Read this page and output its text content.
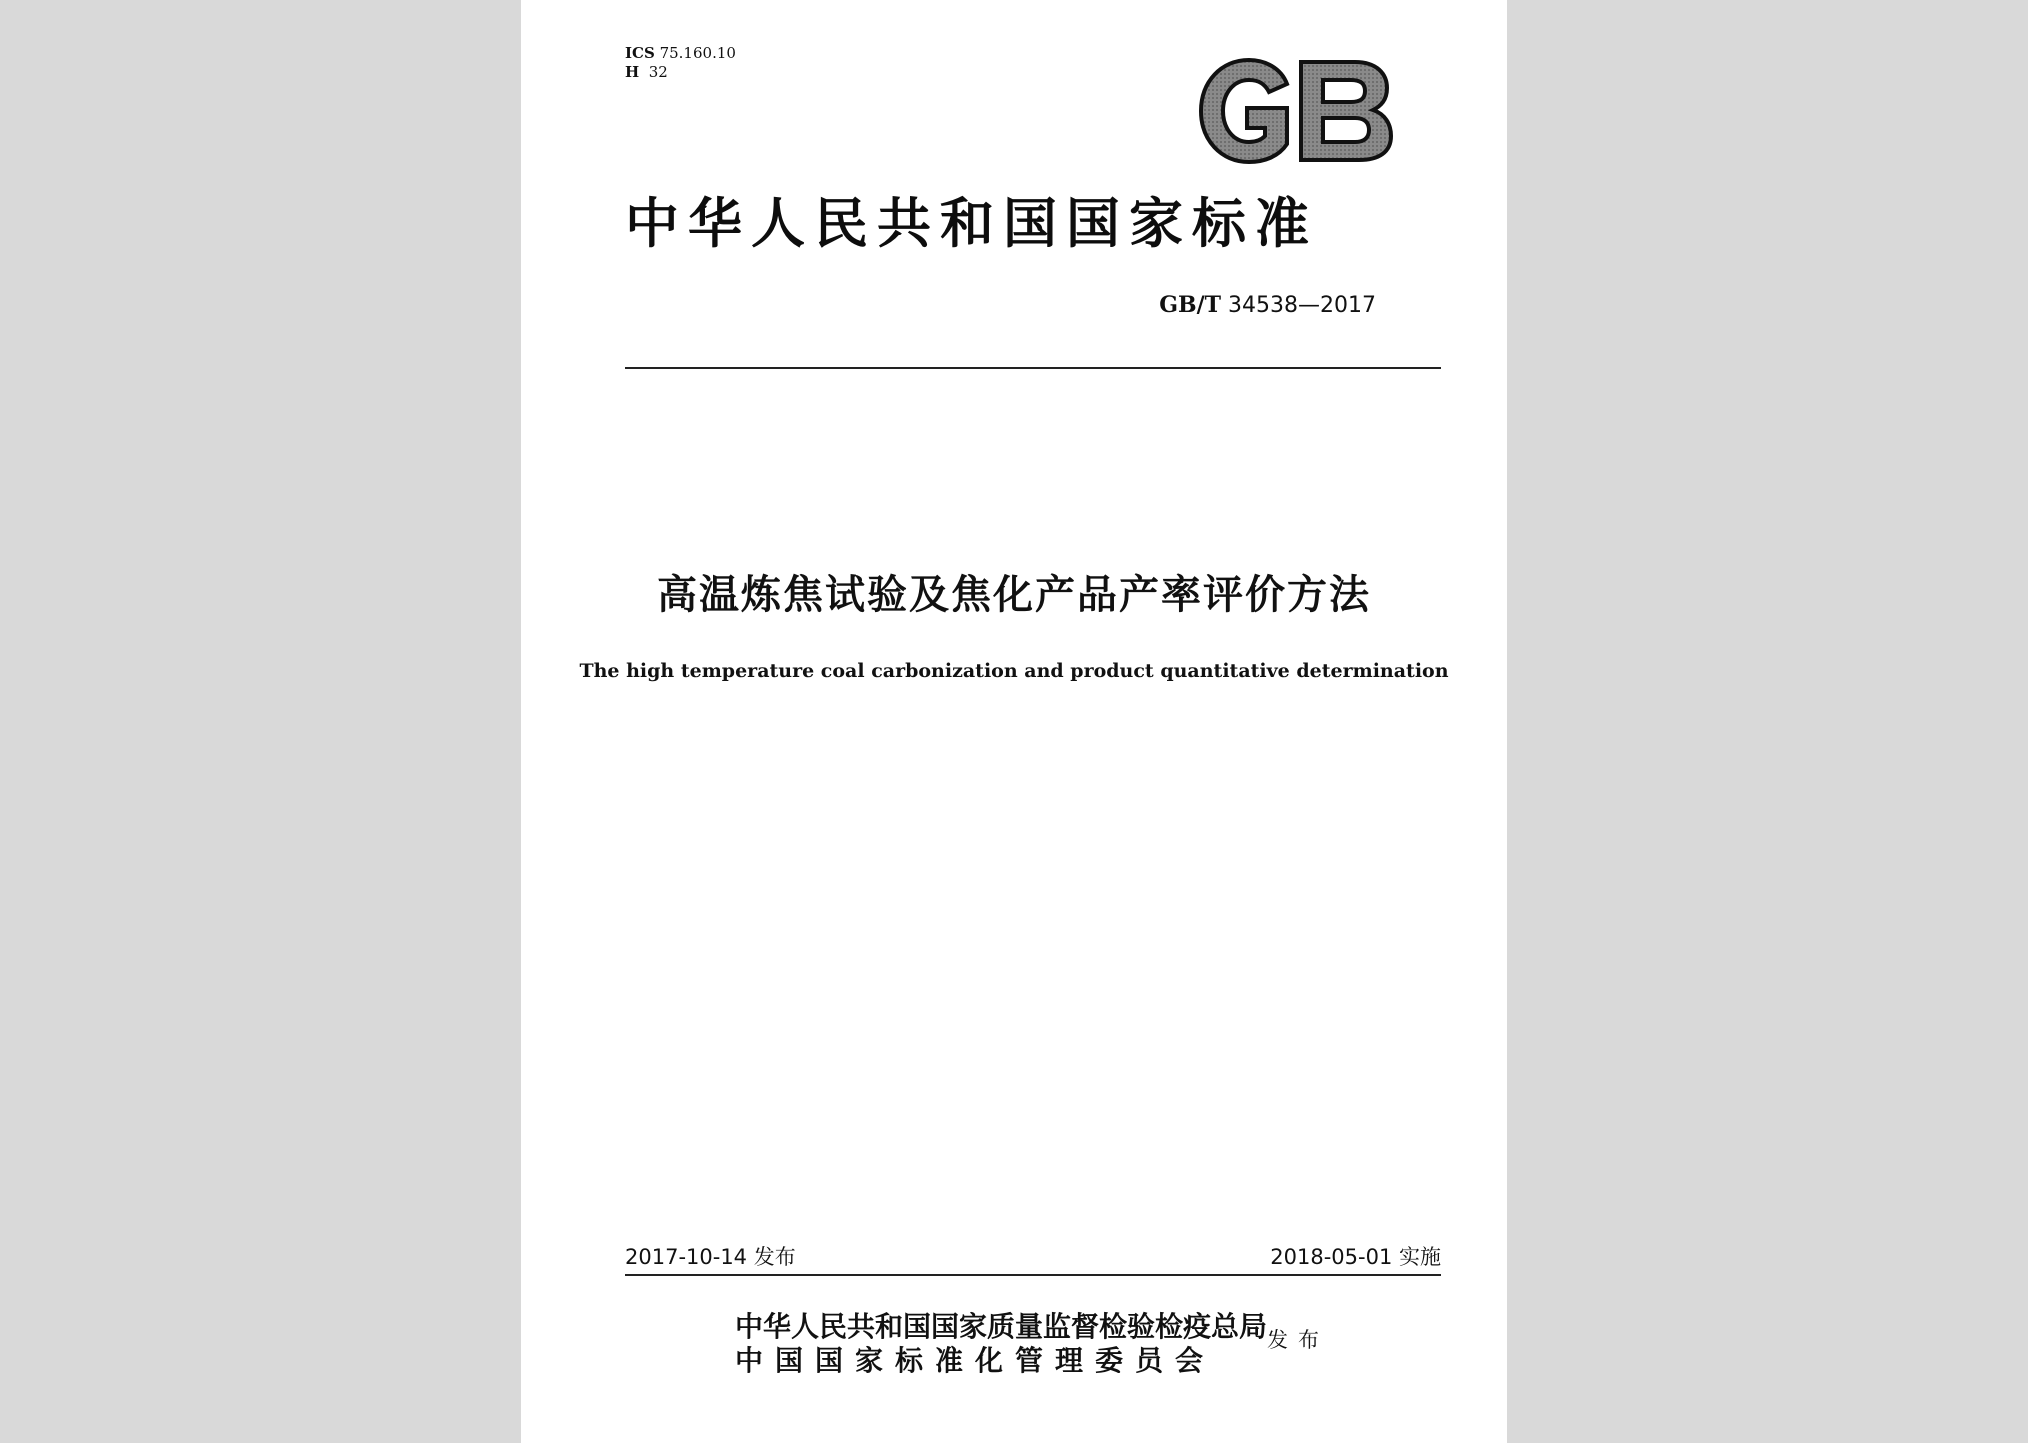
ICS 75.160.10
H 32
中华人民共和国国家标准
GB/T 34538—2017
高温炼焦试验及焦化产品产率评价方法
The high temperature coal carbonization and product quantitative determination
2017-10-14 发布	2018-05-01 实施
中华人民共和国国家质量监督检验检疫总局
中国国家标准化管理委员会
发布
